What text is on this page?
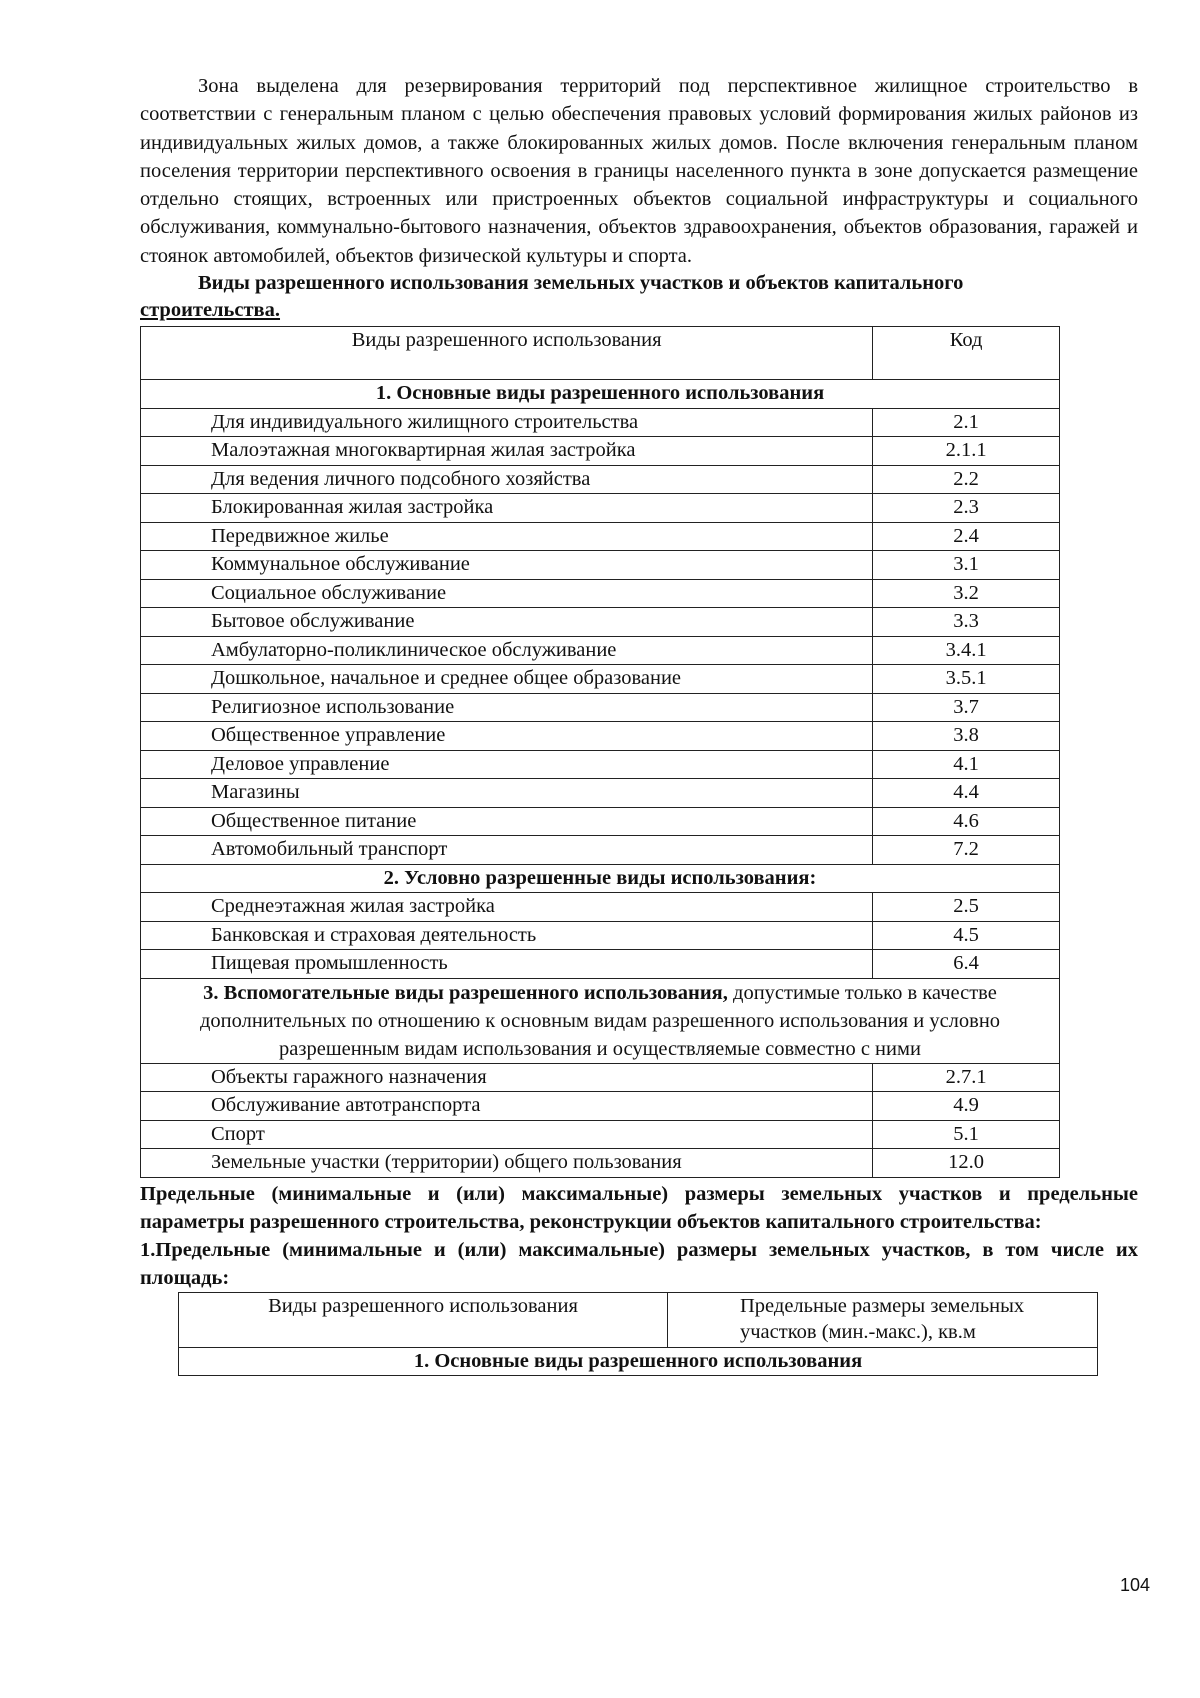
Зона выделена для резервирования территорий под перспективное жилищное строительство в соответствии с генеральным планом с целью обеспечения правовых условий формирования жилых районов из индивидуальных жилых домов, а также блокированных жилых домов. После включения генеральным планом поселения территории перспективного освоения в границы населенного пункта в зоне допускается размещение отдельно стоящих, встроенных или пристроенных объектов социальной инфраструктуры и социального обслуживания, коммунально-бытового назначения, объектов здравоохранения, объектов образования, гаражей и стоянок автомобилей, объектов физической культуры и спорта.

Виды разрешенного использования земельных участков и объектов капитального
строительства.

Виды разрешенного использования	Код
1. Основные виды разрешенного использования	
Для индивидуального жилищного строительства	2.1
Малоэтажная многоквартирная жилая застройка	2.1.1
Для ведения личного подсобного хозяйства	2.2
Блокированная жилая застройка	2.3
Передвижное жилье	2.4
Коммунальное обслуживание	3.1
Социальное обслуживание	3.2
Бытовое обслуживание	3.3
Амбулаторно-поликлиническое обслуживание	3.4.1
Дошкольное, начальное и среднее общее образование	3.5.1
Религиозное использование	3.7
Общественное управление	3.8
Деловое управление	4.1
Магазины	4.4
Общественное питание	4.6
Автомобильный транспорт	7.2
2. Условно разрешенные виды использования:	
Среднеэтажная жилая застройка	2.5
Банковская и страховая деятельность	4.5
Пищевая промышленность	6.4
3. Вспомогательные виды разрешенного использования, допустимые только в качестве дополнительных по отношению к основным видам разрешенного использования и условно разрешенным видам использования и осуществляемые совместно с ними	
Объекты гаражного назначения	2.7.1
Обслуживание автотранспорта	4.9
Спорт	5.1
Земельные участки (территории) общего пользования	12.0

Предельные (минимальные и (или) максимальные) размеры земельных участков и предельные параметры разрешенного строительства, реконструкции объектов капитального строительства:

1.Предельные (минимальные и (или) максимальные) размеры земельных участков, в том числе их площадь:

Виды разрешенного использования	Предельные размеры земельных участков (мин.-макс.), кв.м
1. Основные виды разрешенного использования
104
